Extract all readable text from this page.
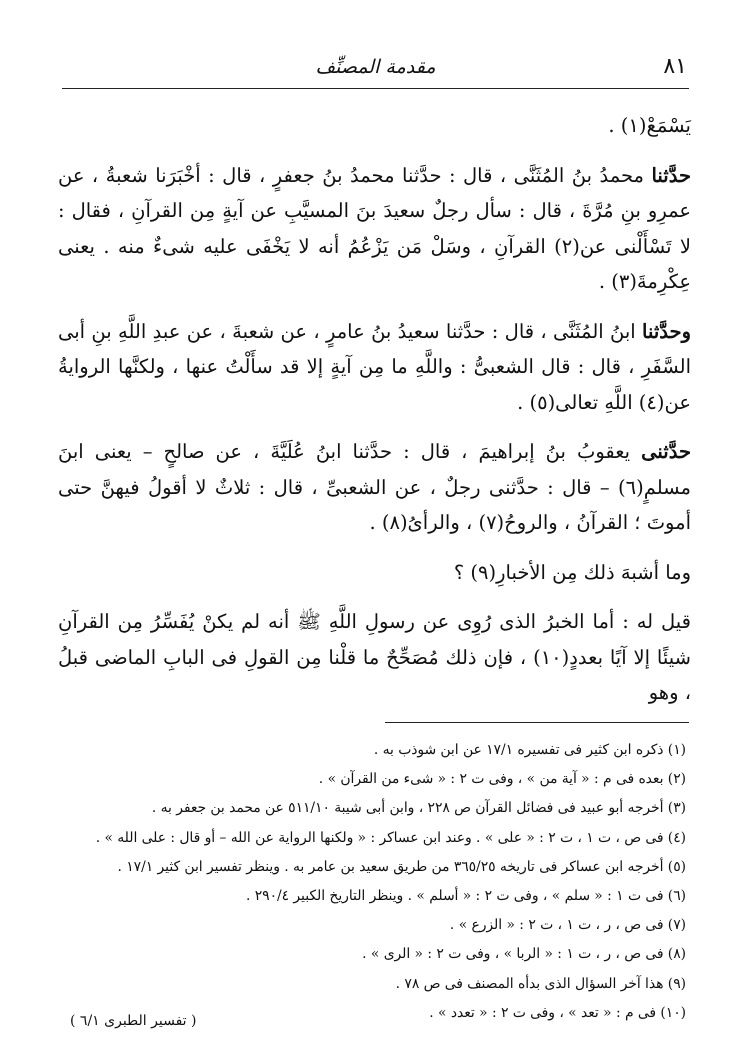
٨١
مقدمة المصنِّف

يَسْمَعْ(١) .

حدَّثنا محمدُ بنُ المُثَنَّى ، قال : حدَّثنا محمدُ بنُ جعفرٍ ، قال : أخْبَرَنا شعبةُ ، عن عمرِو بنِ مُرَّةَ ، قال : سأل رجلٌ سعيدَ بنَ المسيَّبِ عن آيةٍ مِن القرآنِ ، فقال : لا تَسْأَلْنى عن(٢) القرآنِ ، وسَلْ مَن يَزْعُمُ أنه لا يَخْفَى عليه شىءٌ منه . يعنى عِكْرِمةَ(٣) .

وحدَّثنا ابنُ المُثَنَّى ، قال : حدَّثنا سعيدُ بنُ عامرٍ ، عن شعبةَ ، عن عبدِ اللَّهِ بنِ أبى السَّفَرِ ، قال : قال الشعبىُّ : واللَّهِ ما مِن آيةٍ إلا قد سأَلْتُ عنها ، ولكنَّها الروايةُ عن(٤) اللَّهِ تعالى(٥) .

حدَّثنى يعقوبُ بنُ إبراهيمَ ، قال : حدَّثنا ابنُ عُلَيَّةَ ، عن صالحٍ – يعنى ابنَ مسلمٍ(٦) – قال : حدَّثنى رجلٌ ، عن الشعبىِّ ، قال : ثلاثٌ لا أقولُ فيهنَّ حتى أموتَ ؛ القرآنُ ، والروحُ(٧) ، والرأىُ(٨) .

وما أشبهَ ذلك مِن الأخبارِ(٩) ؟

قيل له : أما الخبرُ الذى رُوِى عن رسولِ اللَّهِ ﷺ أنه لم يكنْ يُفَسِّرُ مِن القرآنِ شيئًا إلا آيًا بعددٍ(١٠) ، فإن ذلك مُصَحِّحٌ ما قلْنا مِن القولِ فى البابِ الماضى قبلُ ، وهو

(١) ذكره ابن كثير فى تفسيره ١٧/١ عن ابن شوذب به .
(٢) بعده فى م : « آية من » ، وفى ت ٢ : « شىء من القرآن » .
(٣) أخرجه أبو عبيد فى فضائل القرآن ص ٢٢٨ ، وابن أبى شيبة ٥١١/١٠ عن محمد بن جعفر به .
(٤) فى ص ، ت ١ ، ت ٢ : « على » . وعند ابن عساكر : « ولكنها الرواية عن الله – أو قال : على الله » .
(٥) أخرجه ابن عساكر فى تاريخه ٣٦٥/٢٥ من طريق سعيد بن عامر به . وينظر تفسير ابن كثير ١٧/١ .
(٦) فى ت ١ : « سلم » ، وفى ت ٢ : « أسلم » . وينظر التاريخ الكبير ٢٩٠/٤ .
(٧) فى ص ، ر ، ت ١ ، ت ٢ : « الزرع » .
(٨) فى ص ، ر ، ت ١ : « الربا » ، وفى ت ٢ : « الرى » .
(٩) هذا آخر السؤال الذى بدأه المصنف فى ص ٧٨ .
(١٠) فى م : « تعد » ، وفى ت ٢ : « تعدد » .
( تفسير الطبرى ٦/١ )
